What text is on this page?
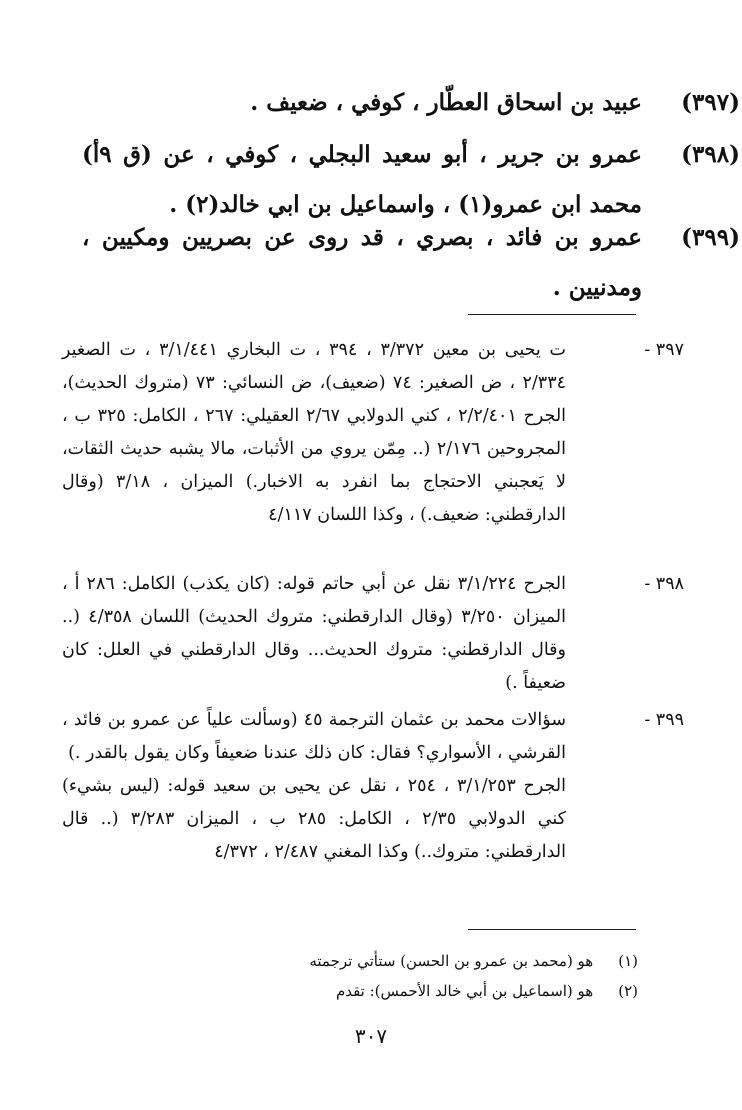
(٣٩٧)
عبيد بن اسحاق العطّار ، كوفي ، ضعيف .
(٣٩٨)
عمرو بن جرير ، أبو سعيد البجلي ، كوفي ، عن (ق ٩أ) محمد ابن عمرو(١) ، واسماعيل بن ابي خالد(٢) .
(٣٩٩)
عمرو بن فائد ، بصري ، قد روى عن بصريين ومكيين ، ومدنيين .
٣٩٧ -
ت يحيى بن معين ٣/٣٧٢ ، ٣٩٤ ، ت البخاري ٣/١/٤٤١ ، ت الصغير ٢/٣٣٤ ، ض الصغير: ٧٤ (ضعيف)، ض النسائي: ٧٣ (متروك الحديث)، الجرح ٢/٢/٤٠١ ، كني الدولابي ٢/٦٧ العقيلي: ٢٦٧ ، الكامل: ٣٢٥ ب ، المجروحين ٢/١٧٦ (.. مِمّن يروي من الأثبات، مالا يشبه حديث الثقات، لا يَعجبني الاحتجاج بما انفرد به الاخبار.) الميزان ، ٣/١٨ (وقال الدارقطني: ضعيف.) ، وكذا اللسان ٤/١١٧
٣٩٨ -
الجرح ٣/١/٢٢٤ نقل عن أبي حاتم قوله: (كان يكذب) الكامل: ٢٨٦ أ ، الميزان ٣/٢٥٠ (وقال الدارقطني: متروك الحديث) اللسان ٤/٣٥٨ (.. وقال الدارقطني: متروك الحديث... وقال الدارقطني في العلل: كان ضعيفاً .)
٣٩٩ -
سؤالات محمد بن عثمان الترجمة ٤٥ (وسألت علياً عن عمرو بن فائد ، القرشي ، الأسواري؟ فقال: كان ذلك عندنا ضعيفاً وكان يقول بالقدر .)
الجرح ٣/١/٢٥٣ ، ٢٥٤ ، نقل عن يحيى بن سعيد قوله: (ليس بشيء) كني الدولابي ٢/٣٥ ، الكامل: ٢٨٥ ب ، الميزان ٣/٢٨٣ (.. قال الدارقطني: متروك..) وكذا المغني ٢/٤٨٧ ، ٤/٣٧٢
(١) هو (محمد بن عمرو بن الحسن) ستأتي ترجمته
(٢) هو (اسماعيل بن أبي خالد الأحمس): تقدم
٣٠٧
